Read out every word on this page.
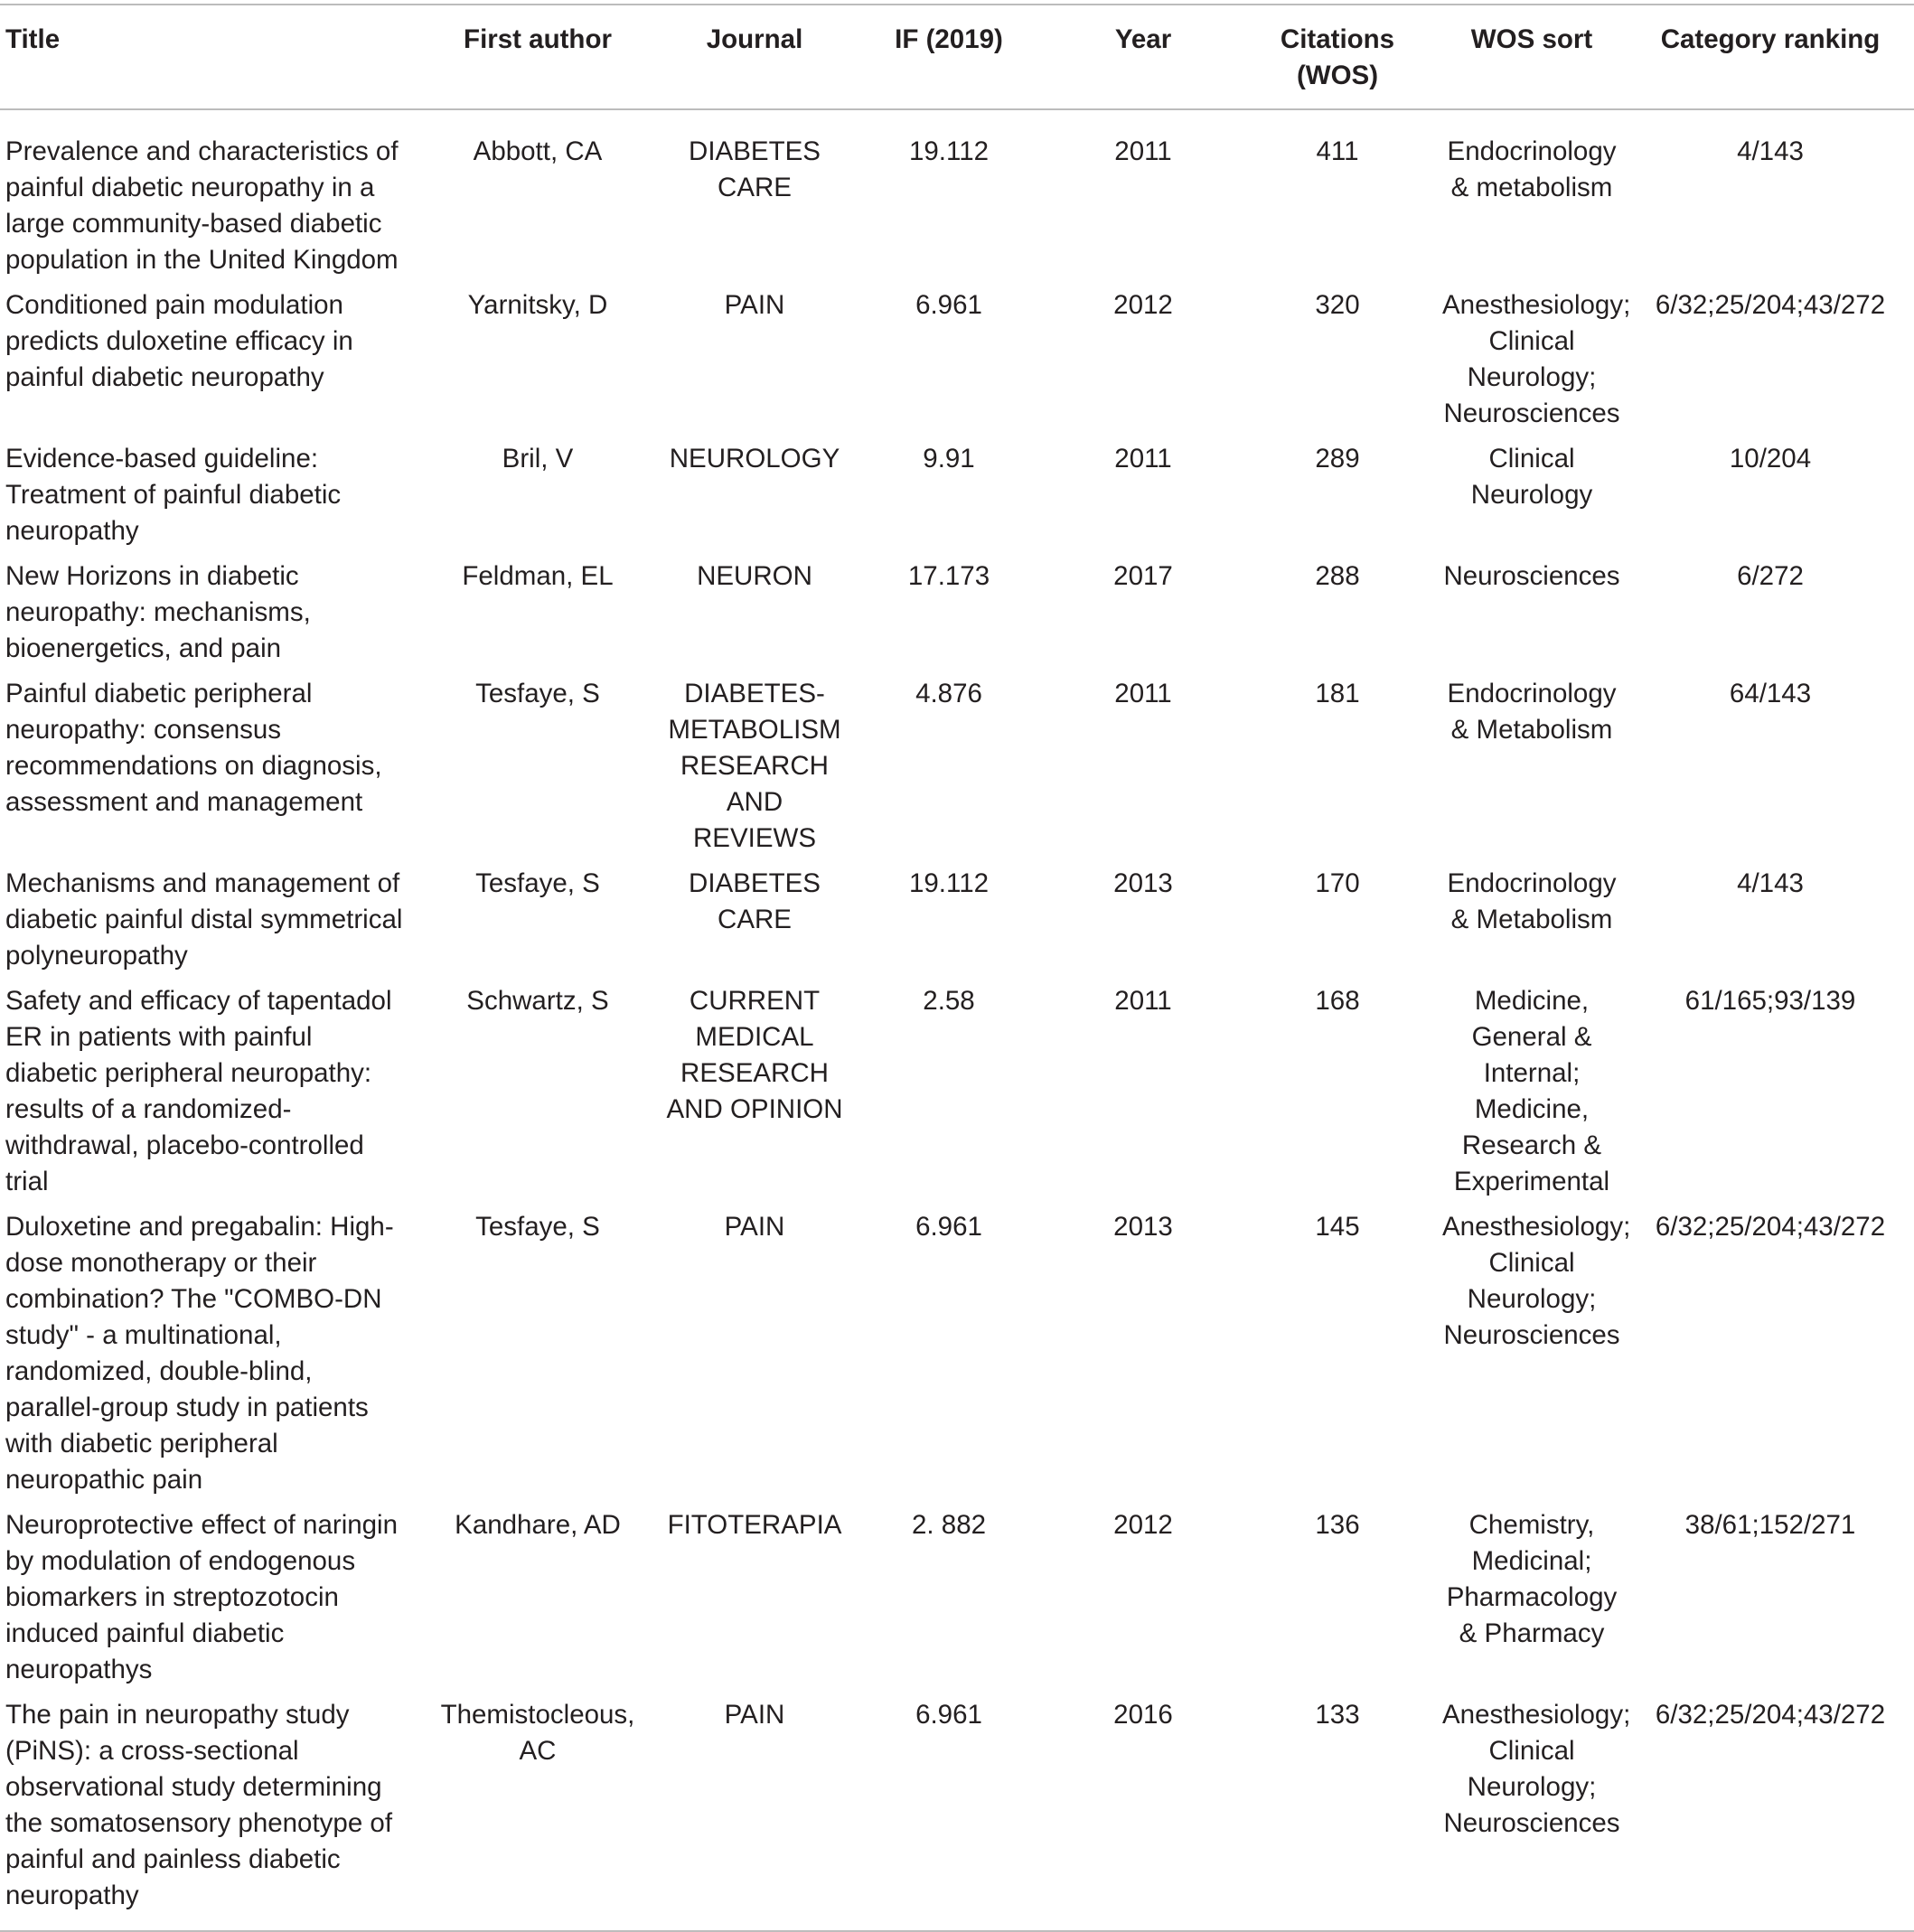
Title	First author	Journal	IF (2019)	Year	Citations (WOS)	WOS sort	Category ranking
Prevalence and characteristics of painful diabetic neuropathy in a large community-based diabetic population in the United Kingdom	Abbott, CA	DIABETES CARE	19.112	2011	411	Endocrinology & metabolism	4/143
Conditioned pain modulation predicts duloxetine efficacy in painful diabetic neuropathy	Yarnitsky, D	PAIN	6.961	2012	320	Anesthesiology; Clinical Neurology; Neurosciences	6/32;25/204;43/272
Evidence-based guideline: Treatment of painful diabetic neuropathy	Bril, V	NEUROLOGY	9.91	2011	289	Clinical Neurology	10/204
New Horizons in diabetic neuropathy: mechanisms, bioenergetics, and pain	Feldman, EL	NEURON	17.173	2017	288	Neurosciences	6/272
Painful diabetic peripheral neuropathy: consensus recommendations on diagnosis, assessment and management	Tesfaye, S	DIABETES-METABOLISM RESEARCH AND REVIEWS	4.876	2011	181	Endocrinology & Metabolism	64/143
Mechanisms and management of diabetic painful distal symmetrical polyneuropathy	Tesfaye, S	DIABETES CARE	19.112	2013	170	Endocrinology & Metabolism	4/143
Safety and efficacy of tapentadol ER in patients with painful diabetic peripheral neuropathy: results of a randomized-withdrawal, placebo-controlled trial	Schwartz, S	CURRENT MEDICAL RESEARCH AND OPINION	2.58	2011	168	Medicine, General & Internal; Medicine, Research & Experimental	61/165;93/139
Duloxetine and pregabalin: High-dose monotherapy or their combination? The "COMBO-DN study" - a multinational, randomized, double-blind, parallel-group study in patients with diabetic peripheral neuropathic pain	Tesfaye, S	PAIN	6.961	2013	145	Anesthesiology; Clinical Neurology; Neurosciences	6/32;25/204;43/272
Neuroprotective effect of naringin by modulation of endogenous biomarkers in streptozotocin induced painful diabetic neuropathys	Kandhare, AD	FITOTERAPIA	2. 882	2012	136	Chemistry, Medicinal; Pharmacology & Pharmacy	38/61;152/271
The pain in neuropathy study (PiNS): a cross-sectional observational study determining the somatosensory phenotype of painful and painless diabetic neuropathy	Themistocleous, AC	PAIN	6.961	2016	133	Anesthesiology; Clinical Neurology; Neurosciences	6/32;25/204;43/272
